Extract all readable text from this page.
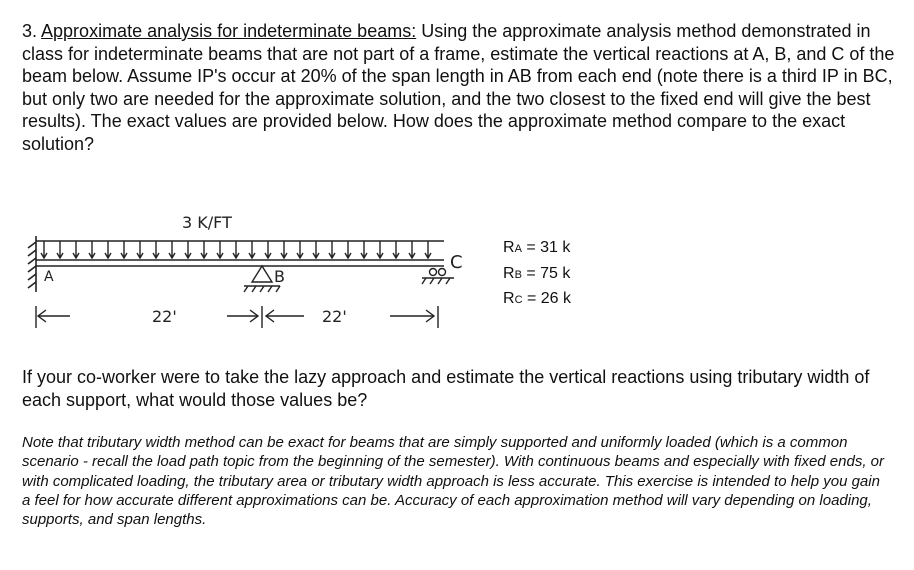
3. Approximate analysis for indeterminate beams: Using the approximate analysis method demonstrated in class for indeterminate beams that are not part of a frame, estimate the vertical reactions at A, B, and C of the beam below. Assume IP's occur at 20% of the span length in AB from each end (note there is a third IP in BC, but only two are needed for the approximate solution, and the two closest to the fixed end will give the best results). The exact values are provided below. How does the approximate method compare to the exact solution?

3 K/FT
A	B
C
22'	22'
RA = 31 k
RB = 75 k
RC = 26 k

If your co-worker were to take the lazy approach and estimate the vertical reactions using tributary width of each support, what would those values be?

Note that tributary width method can be exact for beams that are simply supported and uniformly loaded (which is a common scenario - recall the load path topic from the beginning of the semester). With continuous beams and especially with fixed ends, or with complicated loading, the tributary area or tributary width approach is less accurate. This exercise is intended to help you gain a feel for how accurate different approximations can be. Accuracy of each approximation method will vary depending on loading, supports, and span lengths.
